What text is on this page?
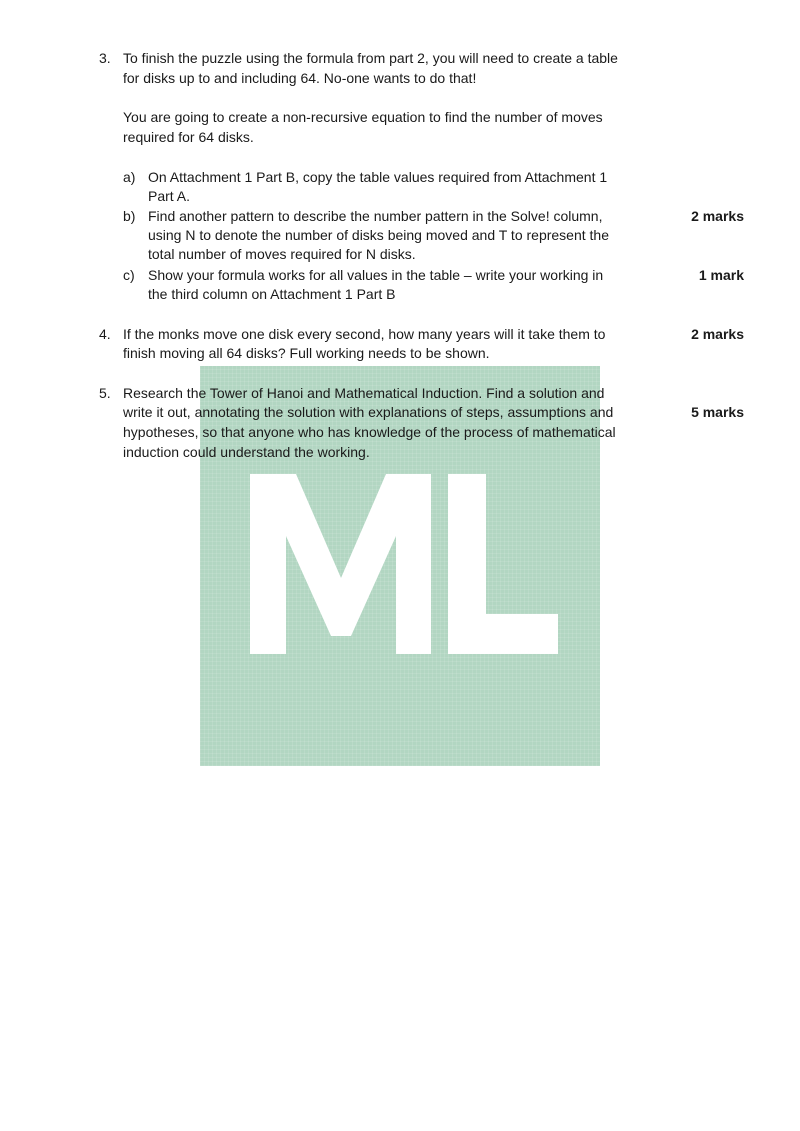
3. To finish the puzzle using the formula from part 2, you will need to create a table
for disks up to and including 64. No-one wants to do that!
You are going to create a non-recursive equation to find the number of moves
required for 64 disks.
a) On Attachment 1 Part B, copy the table values required from Attachment 1
Part A.
b) Find another pattern to describe the number pattern in the Solve! column,
using N to denote the number of disks being moved and T to represent the
total number of moves required for N disks.
2 marks
c) Show your formula works for all values in the table – write your working in
the third column on Attachment 1 Part B
1 mark
4. If the monks move one disk every second, how many years will it take them to
finish moving all 64 disks? Full working needs to be shown.
2 marks
5. Research the Tower of Hanoi and Mathematical Induction. Find a solution and
write it out, annotating the solution with explanations of steps, assumptions and
hypotheses, so that anyone who has knowledge of the process of mathematical
induction could understand the working.
5 marks
